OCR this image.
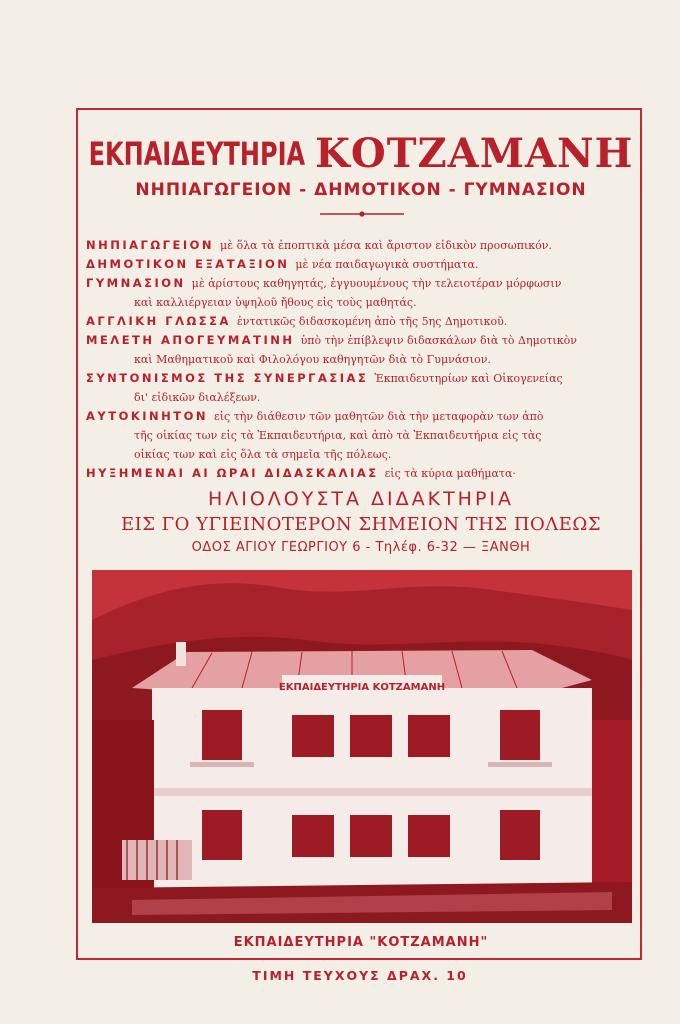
ΕΚΠΑΙΔΕΥΤΗΡΙΑ ΚΟΤΖΑΜΑΝΗ
ΝΗΠΙΑΓΩΓΕΙΟΝ - ΔΗΜΟΤΙΚΟΝ - ΓΥΜΝΑΣΙΟΝ
ΝΗΠΙΑΓΩΓΕΙΟΝ μὲ ὅλα τὰ ἐποπτικὰ μέσα καὶ ἄριστον εἰδικὸν προσωπικόν.
ΔΗΜΟΤΙΚΟΝ ΕΞΑΤΑΞΙΟΝ μὲ νέα παιδαγωγικὰ συστήματα.
ΓΥΜΝΑΣΙΟΝ μὲ ἀρίστους καθηγητάς, ἐγγυουμένους τὴν τελειοτέραν μόρφωσιν
καὶ καλλιέργειαν ὑψηλοῦ ἤθους εἰς τοὺς μαθητάς.
ΑΓΓΛΙΚΗ ΓΛΩΣΣΑ ἐντατικῶς διδασκομένη ἀπὸ τῆς 5ης Δημοτικοῦ.
ΜΕΛΕΤΗ ΑΠΟΓΕΥΜΑΤΙΝΗ ὑπὸ τὴν ἐπίβλεψιν διδασκάλων διὰ τὸ Δημοτικὸν
καὶ Μαθηματικοῦ καὶ Φιλολόγου καθηγητῶν διὰ τὸ Γυμνάσιον.
ΣΥΝΤΟΝΙΣΜΟΣ ΤΗΣ ΣΥΝΕΡΓΑΣΙΑΣ Ἐκπαιδευτηρίων καὶ Οἰκογενείας
δι' εἰδικῶν διαλέξεων.
ΑΥΤΟΚΙΝΗΤΟΝ εἰς τὴν διάθεσιν τῶν μαθητῶν διὰ τὴν μεταφορὰν των ἀπὸ
τῆς οἰκίας των εἰς τὰ Ἐκπαιδευτήρια, καὶ ἀπὸ τὰ Ἐκπαιδευτήρια εἰς τὰς
οἰκίας των καὶ εἰς ὅλα τὰ σημεῖα τῆς πόλεως.
ΗΥΞΗΜΕΝΑΙ ΑΙ ΩΡΑΙ ΔΙΔΑΣΚΑΛΙΑΣ εἰς τὰ κύρια μαθήματα·
ΗΛΙΟΛΟΥΣΤΑ ΔΙΔΑΚΤΗΡΙΑ
ΕΙΣ ΓΟ ΥΓΙΕΙΝΟΤΕΡΟΝ ΣΗΜΕΙΟΝ ΤΗΣ ΠΟΛΕΩΣ
ΟΔΟΣ ΑΓΙΟΥ ΓΕΩΡΓΙΟΥ 6 - Τηλέφ. 6-32 — ΞΑΝΘΗ
ΕΚΠΑΙΔΕΥΤΗΡΙΑ ΚΟΤΖΑΜΑΝΗ
ΕΚΠΑΙΔΕΥΤΗΡΙΑ "ΚΟΤΖΑΜΑΝΗ"
ΤΙΜΗ ΤΕΥΧΟΥΣ ΔΡΑΧ. 10
